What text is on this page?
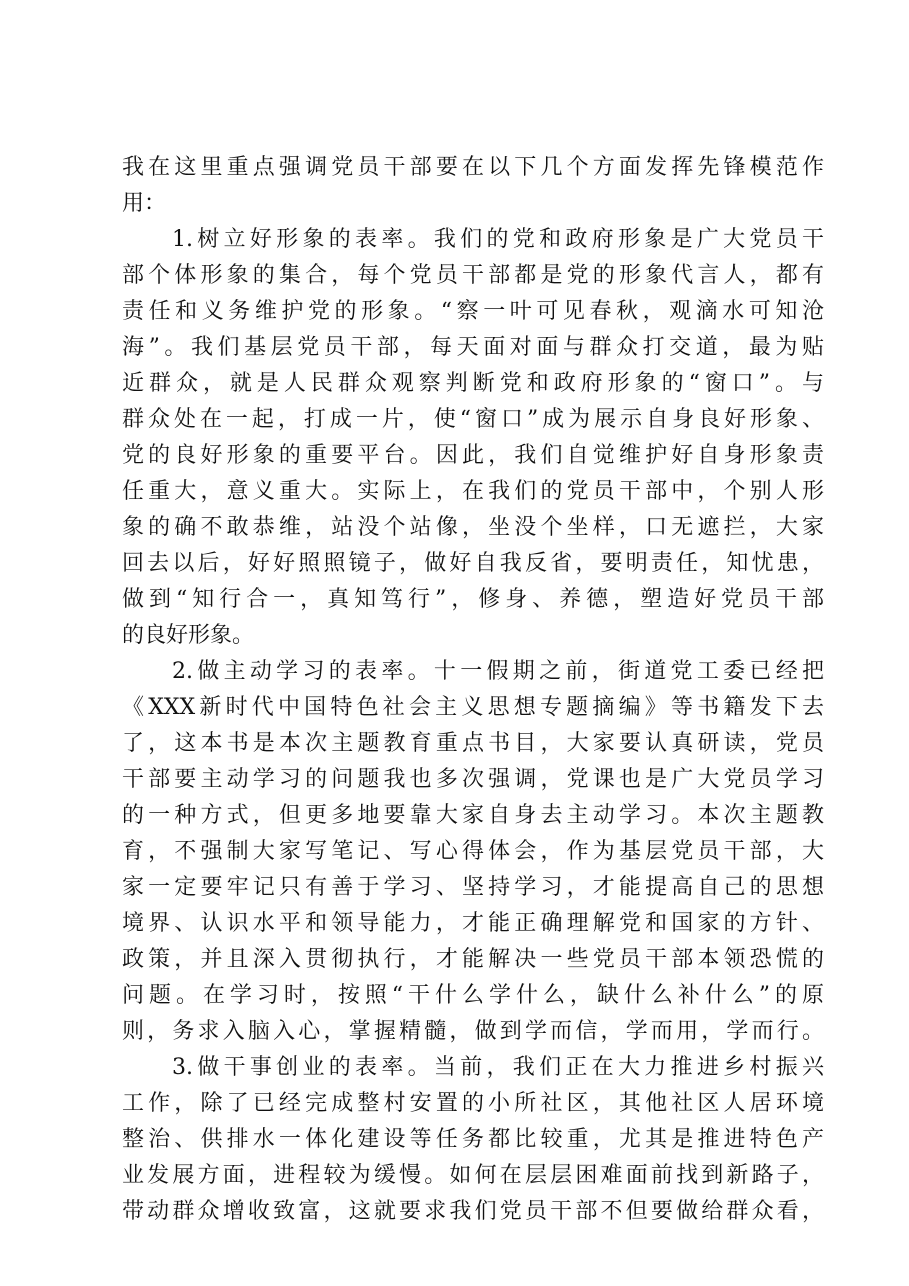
我在这里重点强调党员干部要在以下几个方面发挥先锋模范作
用：
1.树立好形象的表率。我们的党和政府形象是广大党员干
部个体形象的集合，每个党员干部都是党的形象代言人，都有
责任和义务维护党的形象。“察一叶可见春秋，观滴水可知沧
海”。我们基层党员干部，每天面对面与群众打交道，最为贴
近群众，就是人民群众观察判断党和政府形象的“窗口”。与
群众处在一起，打成一片，使“窗口”成为展示自身良好形象、
党的良好形象的重要平台。因此，我们自觉维护好自身形象责
任重大，意义重大。实际上，在我们的党员干部中，个别人形
象的确不敢恭维，站没个站像，坐没个坐样，口无遮拦，大家
回去以后，好好照照镜子，做好自我反省，要明责任，知忧患，
做到“知行合一，真知笃行”，修身、养德，塑造好党员干部
的良好形象。
2.做主动学习的表率。十一假期之前，街道党工委已经把
《XXX新时代中国特色社会主义思想专题摘编》等书籍发下去
了，这本书是本次主题教育重点书目，大家要认真研读，党员
干部要主动学习的问题我也多次强调，党课也是广大党员学习
的一种方式，但更多地要靠大家自身去主动学习。本次主题教
育，不强制大家写笔记、写心得体会，作为基层党员干部，大
家一定要牢记只有善于学习、坚持学习，才能提高自己的思想
境界、认识水平和领导能力，才能正确理解党和国家的方针、
政策，并且深入贯彻执行，才能解决一些党员干部本领恐慌的
问题。在学习时，按照“干什么学什么，缺什么补什么”的原
则，务求入脑入心，掌握精髓，做到学而信，学而用，学而行。
3.做干事创业的表率。当前，我们正在大力推进乡村振兴
工作，除了已经完成整村安置的小所社区，其他社区人居环境
整治、供排水一体化建设等任务都比较重，尤其是推进特色产
业发展方面，进程较为缓慢。如何在层层困难面前找到新路子，
带动群众增收致富，这就要求我们党员干部不但要做给群众看，
